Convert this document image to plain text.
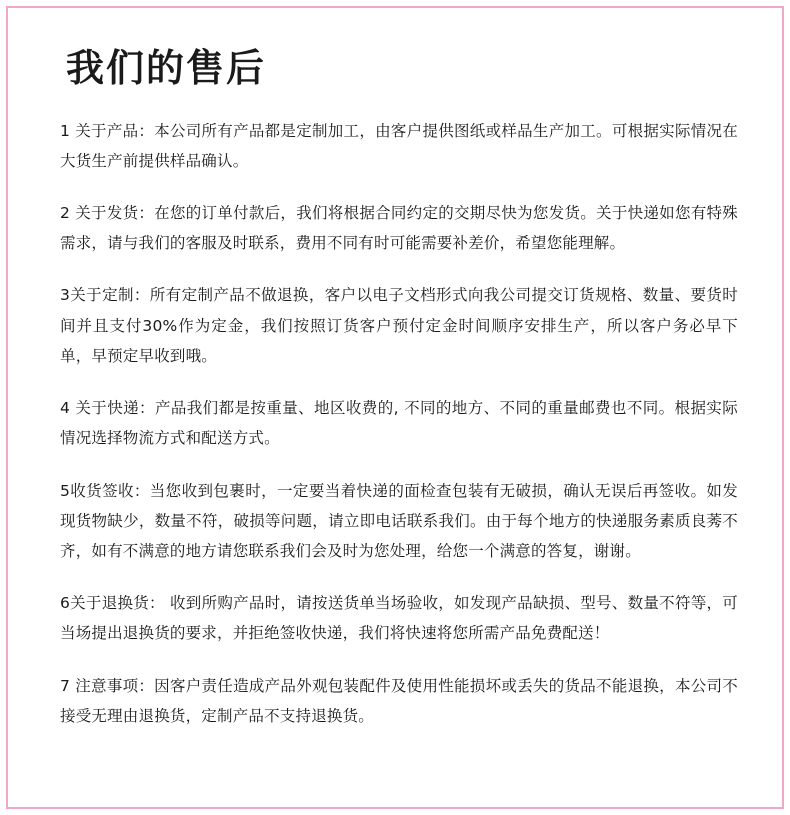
我们的售后

1 关于产品：本公司所有产品都是定制加工，由客户提供图纸或样品生产加工。可根据实际情况在大货生产前提供样品确认。

2 关于发货：在您的订单付款后，我们将根据合同约定的交期尽快为您发货。关于快递如您有特殊需求，请与我们的客服及时联系，费用不同有时可能需要补差价，希望您能理解。

3关于定制：所有定制产品不做退换，客户以电子文档形式向我公司提交订货规格、数量、要货时间并且支付30%作为定金，我们按照订货客户预付定金时间顺序安排生产，所以客户务必早下单，早预定早收到哦。

4 关于快递：产品我们都是按重量、地区收费的, 不同的地方、不同的重量邮费也不同。根据实际情况选择物流方式和配送方式。

5收货签收：当您收到包裹时，一定要当着快递的面检查包装有无破损，确认无误后再签收。如发现货物缺少，数量不符，破损等问题，请立即电话联系我们。由于每个地方的快递服务素质良莠不齐，如有不满意的地方请您联系我们会及时为您处理，给您一个满意的答复，谢谢。

6关于退换货： 收到所购产品时，请按送货单当场验收，如发现产品缺损、型号、数量不符等，可当场提出退换货的要求，并拒绝签收快递，我们将快速将您所需产品免费配送！

7 注意事项：因客户责任造成产品外观包装配件及使用性能损坏或丢失的货品不能退换，本公司不接受无理由退换货，定制产品不支持退换货。
